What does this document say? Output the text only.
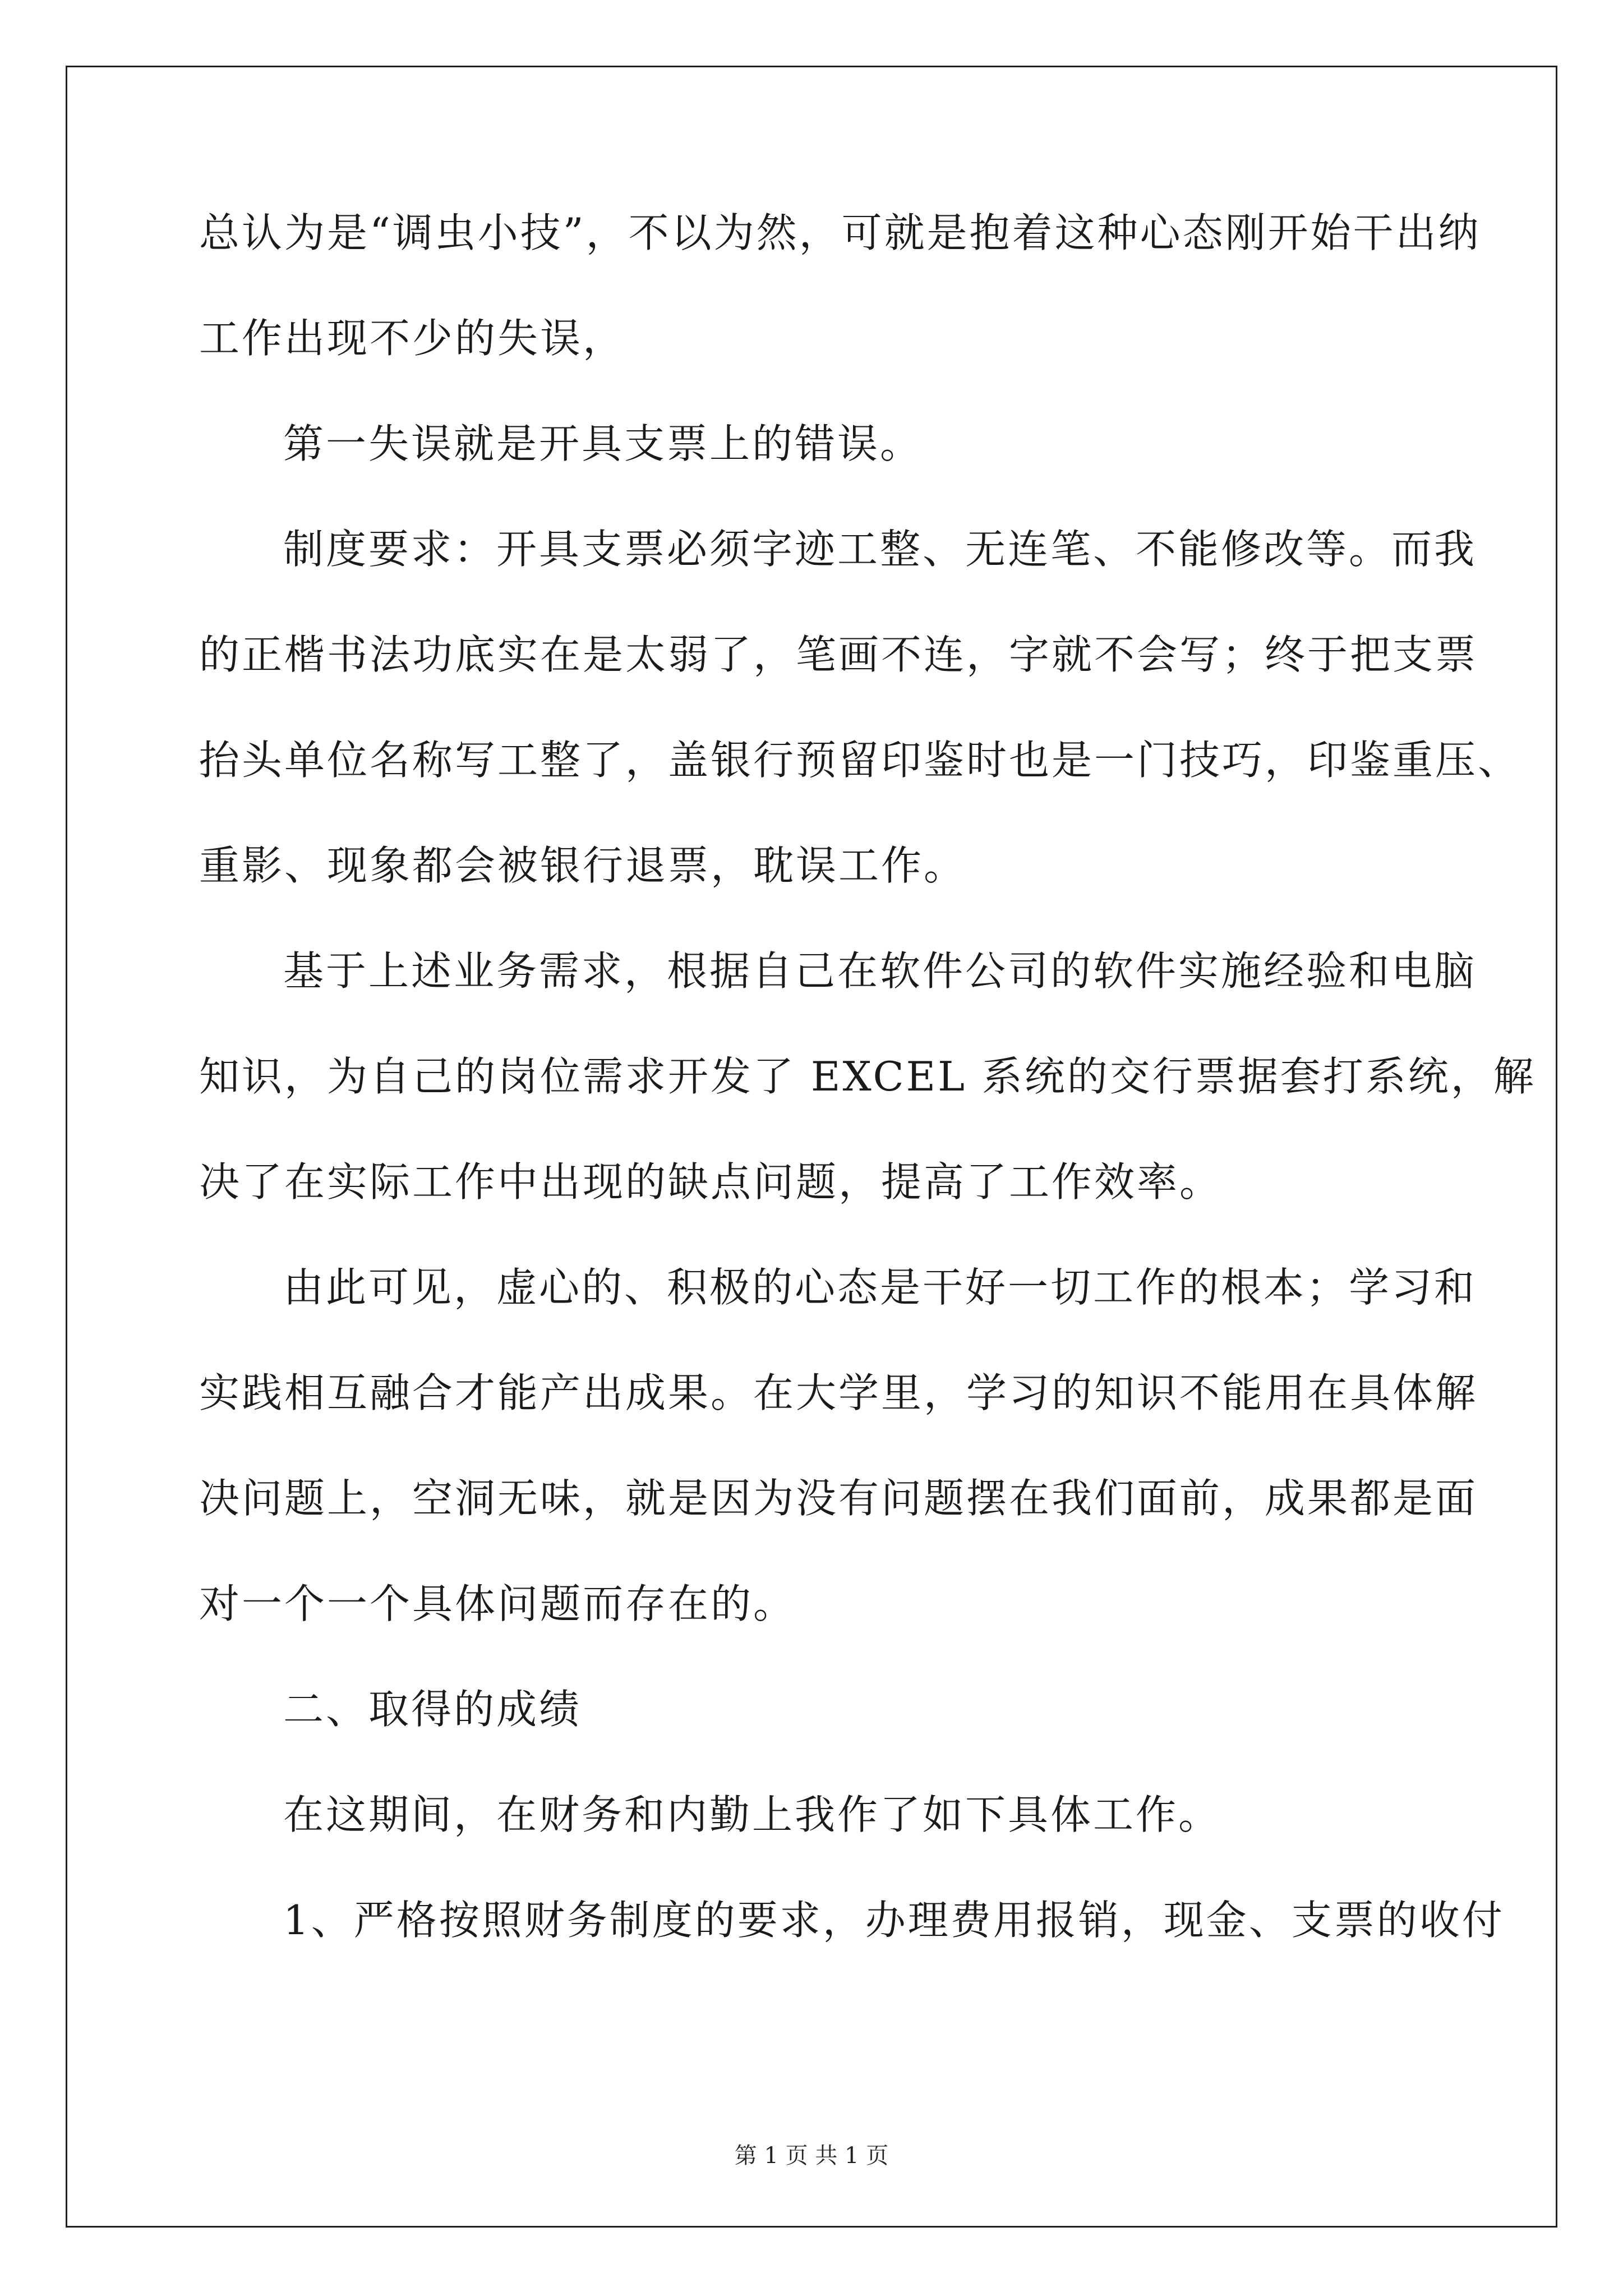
总认为是“调虫小技”，不以为然，可就是抱着这种心态刚开始干出纳
工作出现不少的失误，
第一失误就是开具支票上的错误。
制度要求：开具支票必须字迹工整、无连笔、不能修改等。而我
的正楷书法功底实在是太弱了，笔画不连，字就不会写；终于把支票
抬头单位名称写工整了，盖银行预留印鉴时也是一门技巧，印鉴重压、
重影、现象都会被银行退票，耽误工作。
基于上述业务需求，根据自己在软件公司的软件实施经验和电脑
知识，为自己的岗位需求开发了 EXCEL 系统的交行票据套打系统，解
决了在实际工作中出现的缺点问题，提高了工作效率。
由此可见，虚心的、积极的心态是干好一切工作的根本；学习和
实践相互融合才能产出成果。在大学里，学习的知识不能用在具体解
决问题上，空洞无味，就是因为没有问题摆在我们面前，成果都是面
对一个一个具体问题而存在的。
二、取得的成绩
在这期间，在财务和内勤上我作了如下具体工作。
1、严格按照财务制度的要求，办理费用报销，现金、支票的收付
第 1 页 共 1 页
